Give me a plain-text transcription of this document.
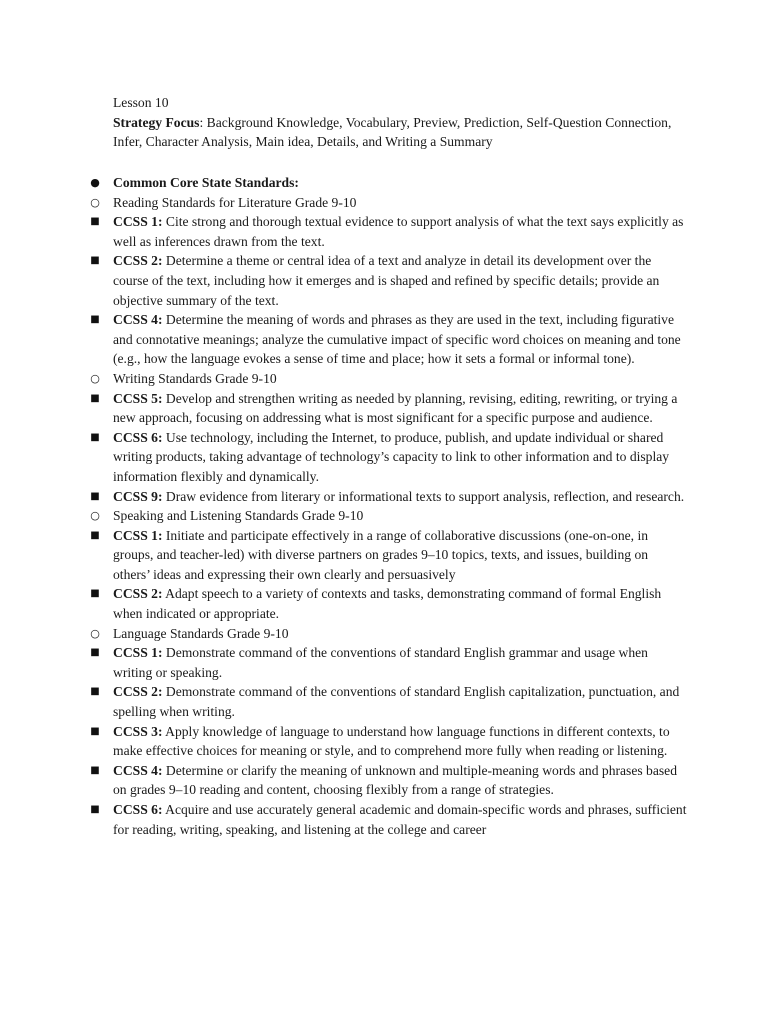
Lesson 10

Strategy Focus: Background Knowledge, Vocabulary, Preview, Prediction, Self-Question Connection, Infer, Character Analysis, Main idea, Details, and Writing a Summary

● Common Core State Standards:
○ Reading Standards for Literature Grade 9-10
■ CCSS 1: Cite strong and thorough textual evidence to support analysis of what the text says explicitly as well as inferences drawn from the text.
■ CCSS 2: Determine a theme or central idea of a text and analyze in detail its development over the course of the text, including how it emerges and is shaped and refined by specific details; provide an objective summary of the text.
■ CCSS 4: Determine the meaning of words and phrases as they are used in the text, including figurative and connotative meanings; analyze the cumulative impact of specific word choices on meaning and tone (e.g., how the language evokes a sense of time and place; how it sets a formal or informal tone).
○ Writing Standards Grade 9-10
■ CCSS 5: Develop and strengthen writing as needed by planning, revising, editing, rewriting, or trying a new approach, focusing on addressing what is most significant for a specific purpose and audience.
■ CCSS 6: Use technology, including the Internet, to produce, publish, and update individual or shared writing products, taking advantage of technology’s capacity to link to other information and to display information flexibly and dynamically.
■ CCSS 9: Draw evidence from literary or informational texts to support analysis, reflection, and research.
○ Speaking and Listening Standards Grade 9-10
■ CCSS 1: Initiate and participate effectively in a range of collaborative discussions (one-on-one, in groups, and teacher-led) with diverse partners on grades 9–10 topics, texts, and issues, building on others’ ideas and expressing their own clearly and persuasively
■ CCSS 2: Adapt speech to a variety of contexts and tasks, demonstrating command of formal English when indicated or appropriate.
○ Language Standards Grade 9-10
■ CCSS 1: Demonstrate command of the conventions of standard English grammar and usage when writing or speaking.
■ CCSS 2: Demonstrate command of the conventions of standard English capitalization, punctuation, and spelling when writing.
■ CCSS 3: Apply knowledge of language to understand how language functions in different contexts, to make effective choices for meaning or style, and to comprehend more fully when reading or listening.
■ CCSS 4: Determine or clarify the meaning of unknown and multiple-meaning words and phrases based on grades 9–10 reading and content, choosing flexibly from a range of strategies.
■ CCSS 6: Acquire and use accurately general academic and domain-specific words and phrases, sufficient for reading, writing, speaking, and listening at the college and career
